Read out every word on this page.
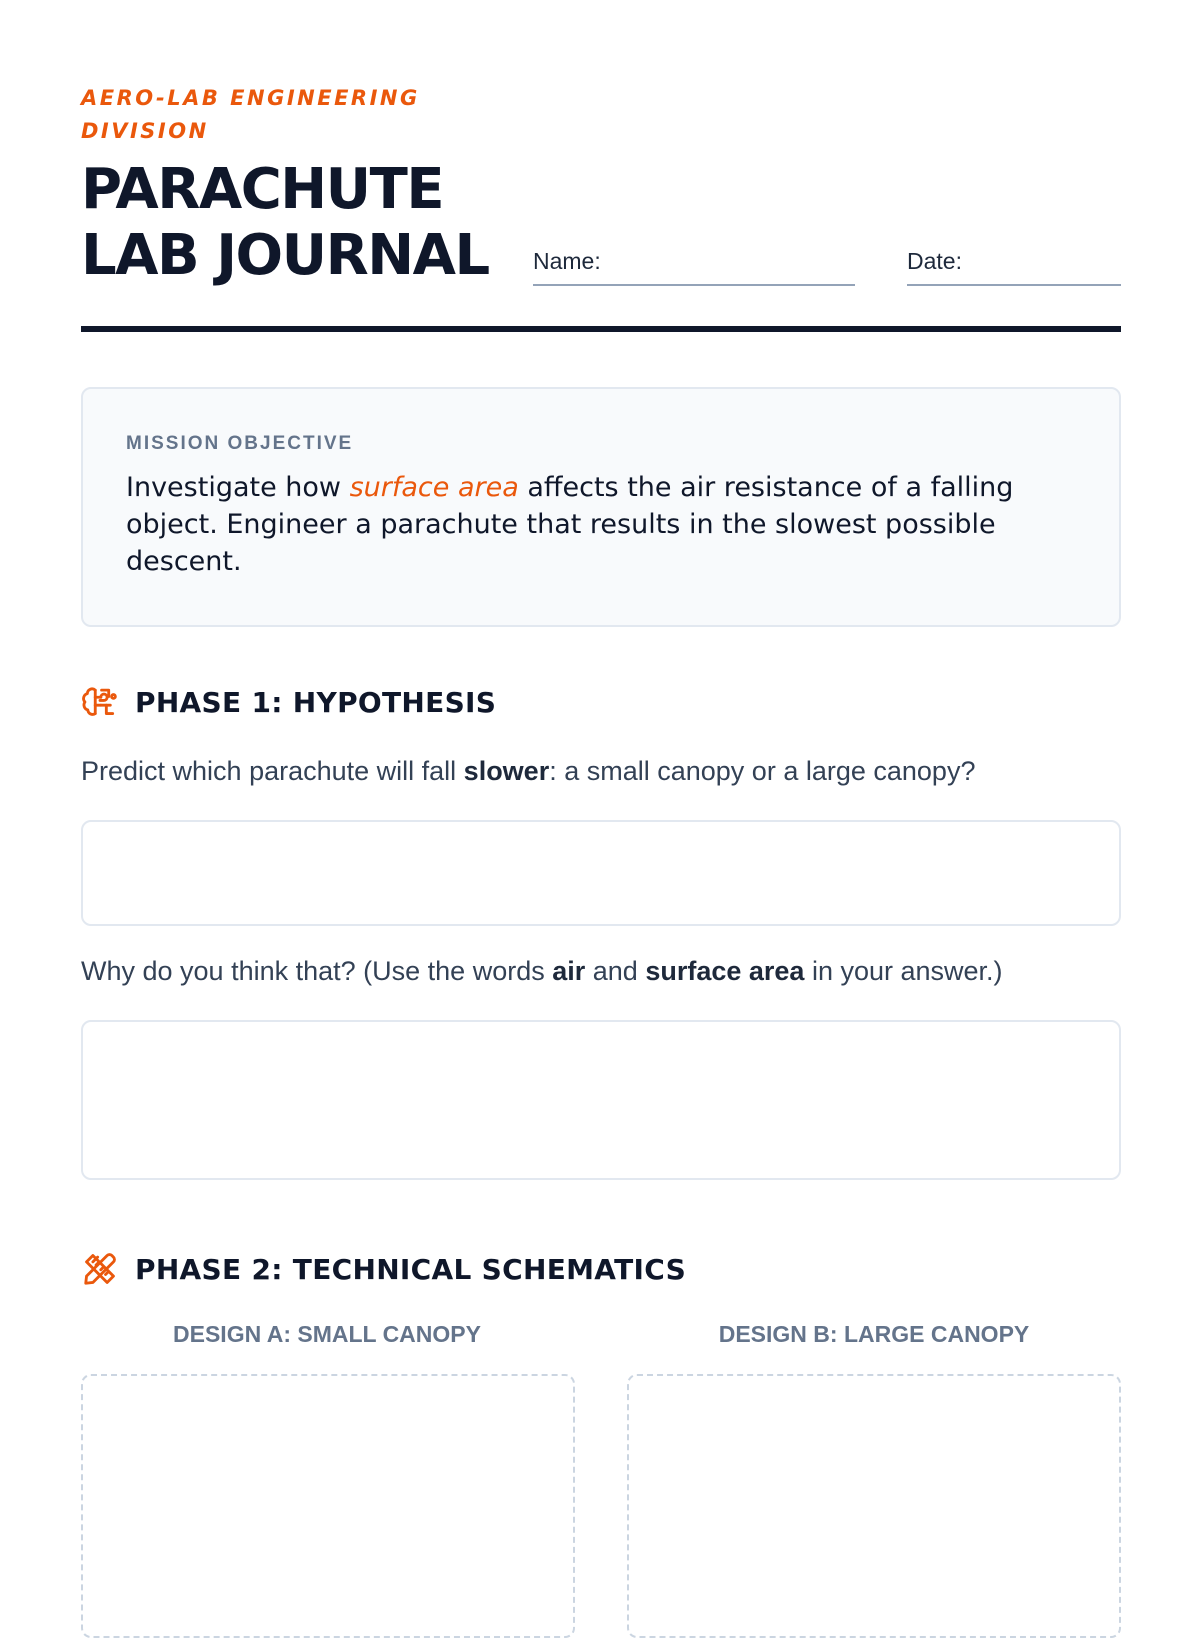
AERO-LAB ENGINEERING DIVISION
PARACHUTE
LAB JOURNAL	Name:	Date:
MISSION OBJECTIVE
Investigate how surface area affects the air resistance of a falling object. Engineer a parachute that results in the slowest possible descent.
PHASE 1: HYPOTHESIS
Predict which parachute will fall slower: a small canopy or a large canopy?
Why do you think that? (Use the words air and surface area in your answer.)
PHASE 2: TECHNICAL SCHEMATICS
DESIGN A: SMALL CANOPY	DESIGN B: LARGE CANOPY
